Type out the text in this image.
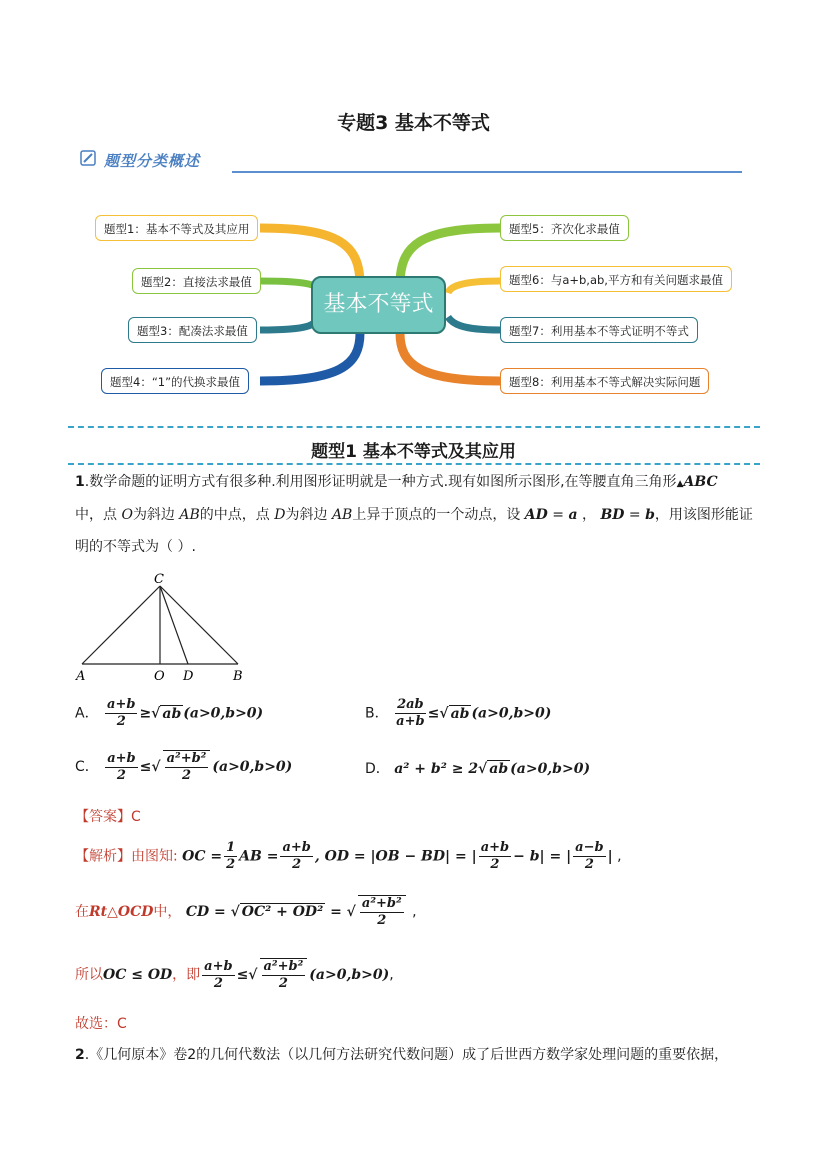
专题3 基本不等式
题型分类概述
基本不等式
题型1：基本不等式及其应用
题型2：直接法求最值
题型3：配凑法求最值
题型4：“1”的代换求最值
题型5：齐次化求最值
题型6：与a+b,ab,平方和有关问题求最值
题型7：利用基本不等式证明不等式
题型8：利用基本不等式解决实际问题
题型1 基本不等式及其应用
1.数学命题的证明方式有很多种.利用图形证明就是一种方式.现有如图所示图形,在等腰直角三角形▲ABC
中，点 O为斜边 AB的中点，点 D为斜边 AB上异于顶点的一个动点，设 AD = a ， BD = b，用该图形能证
明的不等式为（ ）.
C
A	O D	B
A． $\frac{a+b}{2}$ ≥√ ab (a>0,b>0)	B． $\frac{2ab}{a+b}$ ≤√ ab (a>0,b>0)
C． $\frac{a+b}{2}$ ≤√ $\frac{\text{a²+b²}}{2} (a>0,b>0)$	D． a² + b² ≥ 2√ ab (a>0,b>0)
【答案】C
【解析】由图知: OC = $\frac{1}{2}$ AB = $\frac{a+b}{2}$ , OD = |OB − BD| = | $\frac{a+b}{2} - b|$ = | $\frac{a-b}{2}$ | ,
在Rt△OCD中， CD = √ OC² + OD² = √ $\frac{\text{a²+b²}}{2}$ ,
所以OC ≤ OD，即 $\frac{a+b}{2}$ ≤√ $\frac{\text{a²+b²}}{2} (a>0,b>0)$,
故选：C
2.《几何原本》卷2的几何代数法（以几何方法研究代数问题）成了后世西方数学家处理问题的重要依据，
